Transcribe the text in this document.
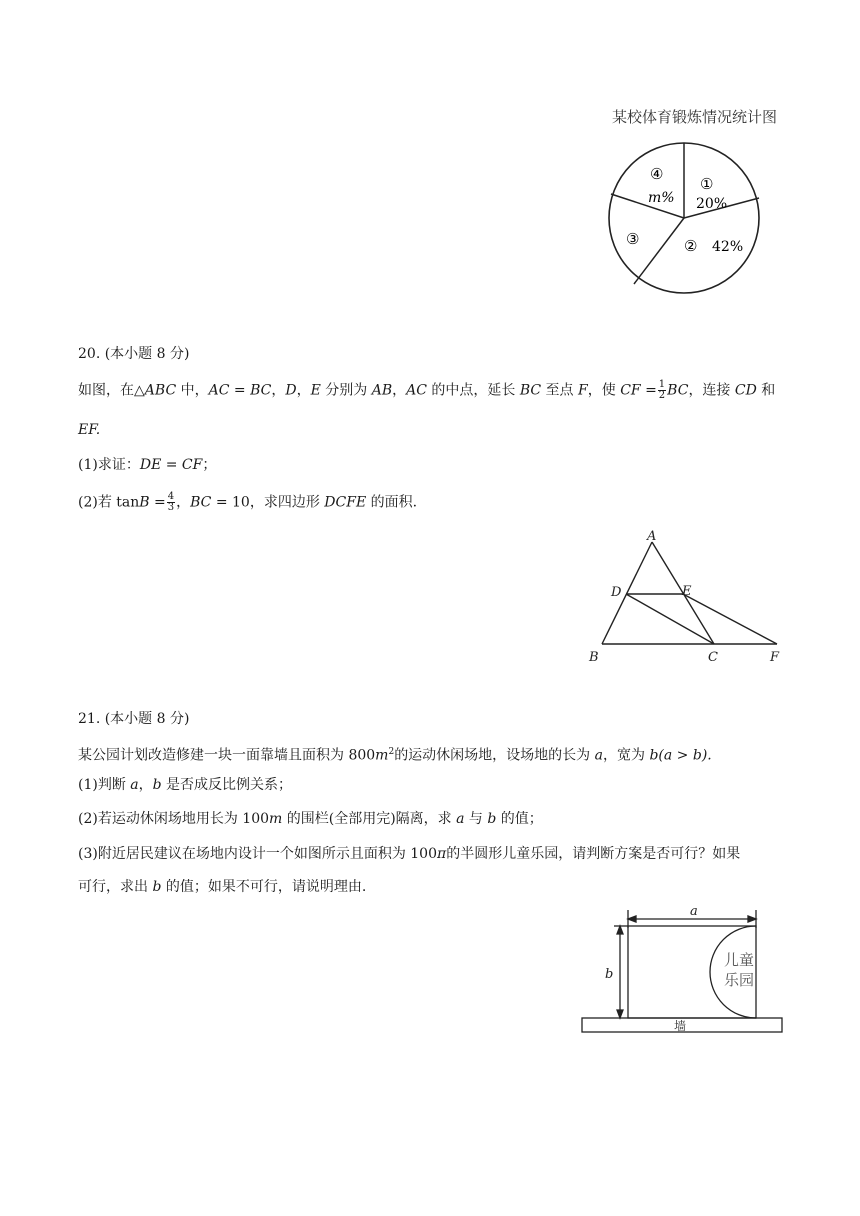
某校体育锻炼情况统计图
④
m%
①
20%
② 42%
③
20. (本小题 8 分)
如图，在△ABC 中，AC = BC，D，E 分别为 AB，AC 的中点，延长 BC 至点 F，使 CF = $\frac{1}{2}$ BC，连接 CD 和
EF.
(1)求证：DE = CF；
(2)若 $\tan B = \frac{4}{3}$ ，BC = 10，求四边形 DCFE 的面积.
A
D	E
B	C	F
21. (本小题 8 分)
某公园计划改造修建一块一面靠墙且面积为 $800m^2$的运动休闲场地，设场地的长为 a，宽为 b(a > b).
(1)判断 a，b 是否成反比例关系；
(2)若运动休闲场地用长为 100m 的围栏(全部用完)隔离，求 a 与 b 的值；
(3)附近居民建议在场地内设计一个如图所示且面积为 100π的半圆形儿童乐园，请判断方案是否可行？如果
可行，求出 b 的值；如果不可行，请说明理由.
a
b
儿童
乐园
墙
